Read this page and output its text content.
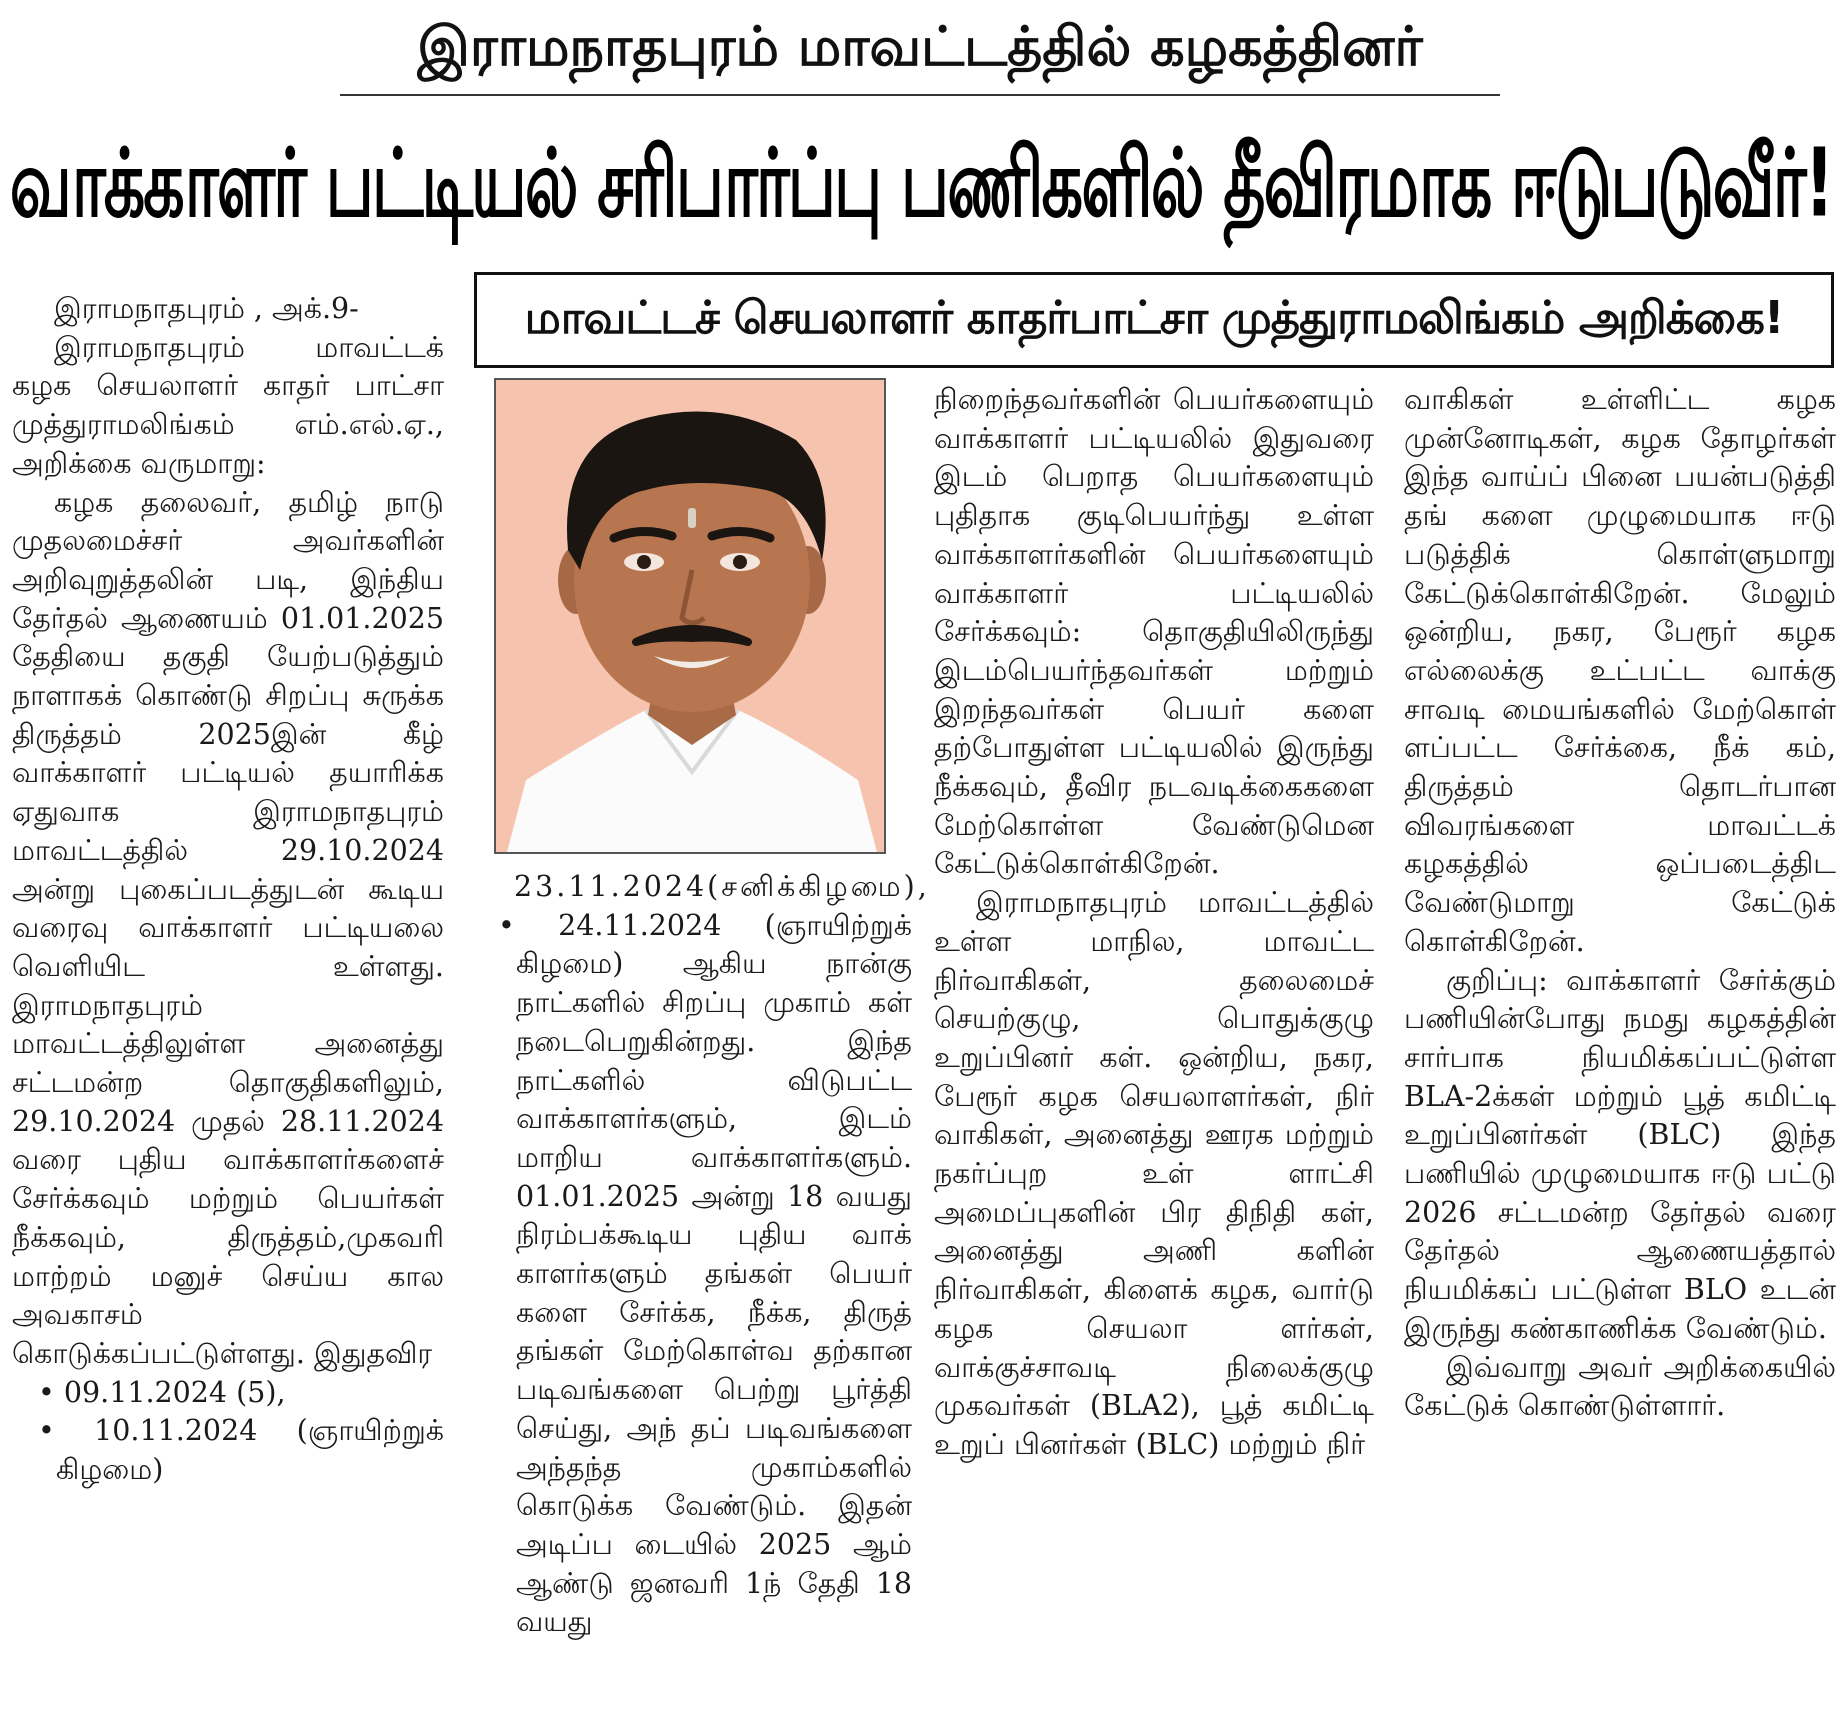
இராமநாதபுரம் மாவட்டத்தில் கழகத்தினர்
வாக்காளர் பட்டியல் சரிபார்ப்பு பணிகளில் தீவிரமாக ஈடுபடுவீர்!
மாவட்டச் செயலாளர் காதர்பாட்சா முத்துராமலிங்கம் அறிக்கை!

இராமநாதபுரம் , அக்.9-

இராமநாதபுரம் மாவட்டக் கழக செயலாளர் காதர் பாட்சா முத்துராமலிங்கம் எம்.எல்.ஏ., அறிக்கை வருமாறு:

கழக தலைவர், தமிழ் நாடு முதலமைச்சர் அவர்களின் அறிவுறுத்தலின் படி, இந்திய தேர்தல் ஆணையம் 01.01.2025 தேதியை தகுதி யேற்படுத்தும் நாளாகக் கொண்டு சிறப்பு சுருக்க திருத்தம் 2025இன் கீழ் வாக்காளர் பட்டியல் தயாரிக்க ஏதுவாக இராமநாதபுரம் மாவட்டத்தில் 29.10.2024 அன்று புகைப்படத்துடன் கூடிய வரைவு வாக்காளர் பட்டியலை வெளியிட உள்ளது. இராமநாதபுரம் மாவட்டத்திலுள்ள அனைத்து சட்டமன்ற தொகுதிகளிலும், 29.10.2024 முதல் 28.11.2024 வரை புதிய வாக்காளர்களைச் சேர்க்கவும் மற்றும் பெயர்கள் நீக்கவும், திருத்தம்,முகவரி மாற்றம் மனுச் செய்ய கால அவகாசம் கொடுக்கப்பட்டுள்ளது. இதுதவிர

• 09.11.2024 (5),

• 10.11.2024 (ஞாயிற்றுக் கிழமை)

23.11.2024(சனிக்கிழமை),

• 24.11.2024 (ஞாயிற்றுக் கிழமை) ஆகிய நான்கு நாட்களில் சிறப்பு முகாம் கள் நடைபெறுகின்றது. இந்த நாட்களில் விடுபட்ட வாக்காளர்களும், இடம் மாறிய வாக்காளர்களும். 01.01.2025 அன்று 18 வயது நிரம்பக்கூடிய புதிய வாக் காளர்களும் தங்கள் பெயர் களை சேர்க்க, நீக்க, திருத் தங்கள் மேற்கொள்வ தற்கான படிவங்களை பெற்று பூர்த்தி செய்து, அந் தப் படிவங்களை அந்தந்த முகாம்களில் கொடுக்க வேண்டும். இதன் அடிப்ப டையில் 2025 ஆம் ஆண்டு ஜனவரி 1ந் தேதி 18 வயது

நிறைந்தவர்களின் பெயர்களையும் வாக்காளர் பட்டியலில் இதுவரை இடம் பெறாத பெயர்களையும் புதிதாக குடிபெயர்ந்து உள்ள வாக்காளர்களின் பெயர்களையும் வாக்காளர் பட்டியலில் சேர்க்கவும்: தொகுதியிலிருந்து இடம்பெயர்ந்தவர்கள் மற்றும் இறந்தவர்கள் பெயர் களை தற்போதுள்ள பட்டியலில் இருந்து நீக்கவும், தீவிர நடவடிக்கைகளை மேற்கொள்ள வேண்டுமென கேட்டுக்கொள்கிறேன்.

இராமநாதபுரம் மாவட்டத்தில் உள்ள மாநில, மாவட்ட நிர்வாகிகள், தலைமைச் செயற்குழு, பொதுக்குழு உறுப்பினர் கள். ஒன்றிய, நகர, பேரூர் கழக செயலாளர்கள், நிர் வாகிகள், அனைத்து ஊரக மற்றும் நகர்ப்புற உள் ளாட்சி அமைப்புகளின் பிர திநிதி கள், அனைத்து அணி களின் நிர்வாகிகள், கிளைக் கழக, வார்டு கழக செயலா ளர்கள், வாக்குச்சாவடி நிலைக்குழு முகவர்கள் (BLA2), பூத் கமிட்டி உறுப் பினர்கள் (BLC) மற்றும் நிர்

வாகிகள் உள்ளிட்ட கழக முன்னோடிகள், கழக தோழர்கள் இந்த வாய்ப் பினை பயன்படுத்தி தங் களை முழுமையாக ஈடு படுத்திக் கொள்ளுமாறு கேட்டுக்கொள்கிறேன். மேலும் ஒன்றிய, நகர, பேரூர் கழக எல்லைக்கு உட்பட்ட வாக்கு சாவடி மையங்களில் மேற்கொள் ளப்பட்ட சேர்க்கை, நீக் கம், திருத்தம் தொடர்பான விவரங்களை மாவட்டக் கழகத்தில் ஒப்படைத்திட வேண்டுமாறு கேட்டுக் கொள்கிறேன்.

குறிப்பு: வாக்காளர் சேர்க்கும் பணியின்போது நமது கழகத்தின் சார்பாக நியமிக்கப்பட்டுள்ள BLA-2க்கள் மற்றும் பூத் கமிட்டி உறுப்பினர்கள் (BLC) இந்த பணியில் முழுமையாக ஈடு பட்டு 2026 சட்டமன்ற தேர்தல் வரை தேர்தல் ஆணையத்தால் நியமிக்கப் பட்டுள்ள BLO உடன் இருந்து கண்காணிக்க வேண்டும்.

இவ்வாறு அவர் அறிக்கையில் கேட்டுக் கொண்டுள்ளார்.
